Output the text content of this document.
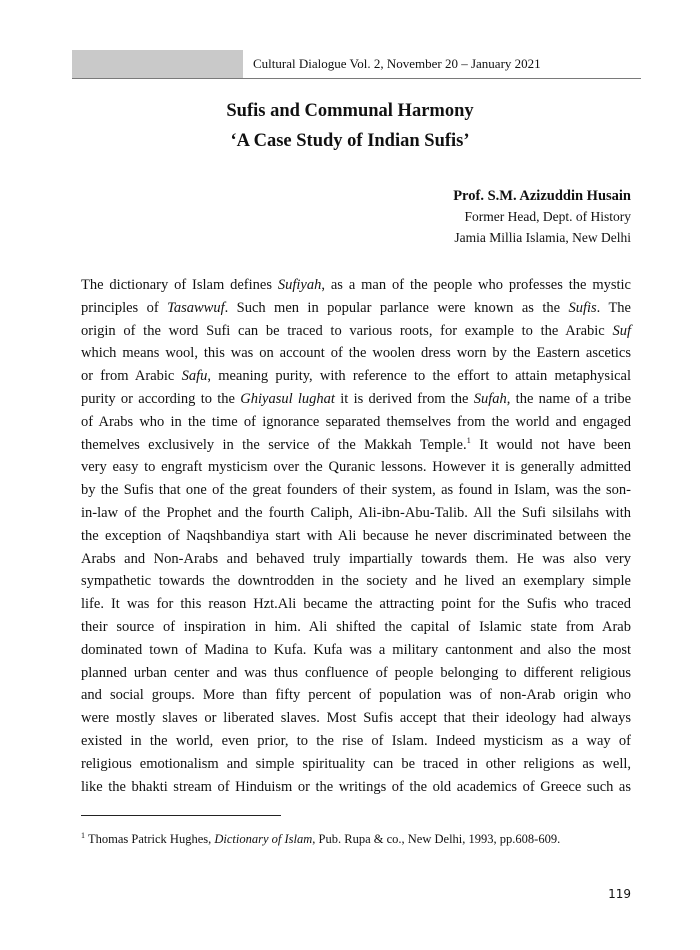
Cultural Dialogue Vol. 2, November 20 – January 2021
Sufis and Communal Harmony
‘A Case Study of Indian Sufis’
Prof. S.M. Azizuddin Husain
Former Head, Dept. of History
Jamia Millia Islamia, New Delhi
The dictionary of Islam defines Sufiyah, as a man of the people who professes the mystic
principles of Tasawwuf. Such men in popular parlance were known as the Sufis. The
origin of the word Sufi can be traced to various roots, for example to the Arabic Suf
which means wool, this was on account of the woolen dress worn by the Eastern ascetics
or from Arabic Safu, meaning purity, with reference to the effort to attain metaphysical
purity or according to the Ghiyasul lughat it is derived from the Sufah, the name of a tribe
of Arabs who in the time of ignorance separated themselves from the world and engaged
themelves exclusively in the service of the Makkah Temple.$^1$ It would not have been
very easy to engraft mysticism over the Quranic lessons. However it is generally admitted
by the Sufis that one of the great founders of their system, as found in Islam, was the son-
in-law of the Prophet and the fourth Caliph, Ali-ibn-Abu-Talib. All the Sufi silsilahs with
the exception of Naqshbandiya start with Ali because he never discriminated between the
Arabs and Non-Arabs and behaved truly impartially towards them. He was also very
sympathetic towards the downtrodden in the society and he lived an exemplary simple
life. It was for this reason Hzt.Ali became the attracting point for the Sufis who traced
their source of inspiration in him. Ali shifted the capital of Islamic state from Arab
dominated town of Madina to Kufa. Kufa was a military cantonment and also the most
planned urban center and was thus confluence of people belonging to different religious
and social groups. More than fifty percent of population was of non-Arab origin who
were mostly slaves or liberated slaves. Most Sufis accept that their ideology had always
existed in the world, even prior, to the rise of Islam. Indeed mysticism as a way of
religious emotionalism and simple spirituality can be traced in other religions as well,
like the bhakti stream of Hinduism or the writings of the old academics of Greece such as
$^1$ Thomas Patrick Hughes, Dictionary of Islam, Pub. Rupa & co., New Delhi, 1993, pp.608-609.
119
